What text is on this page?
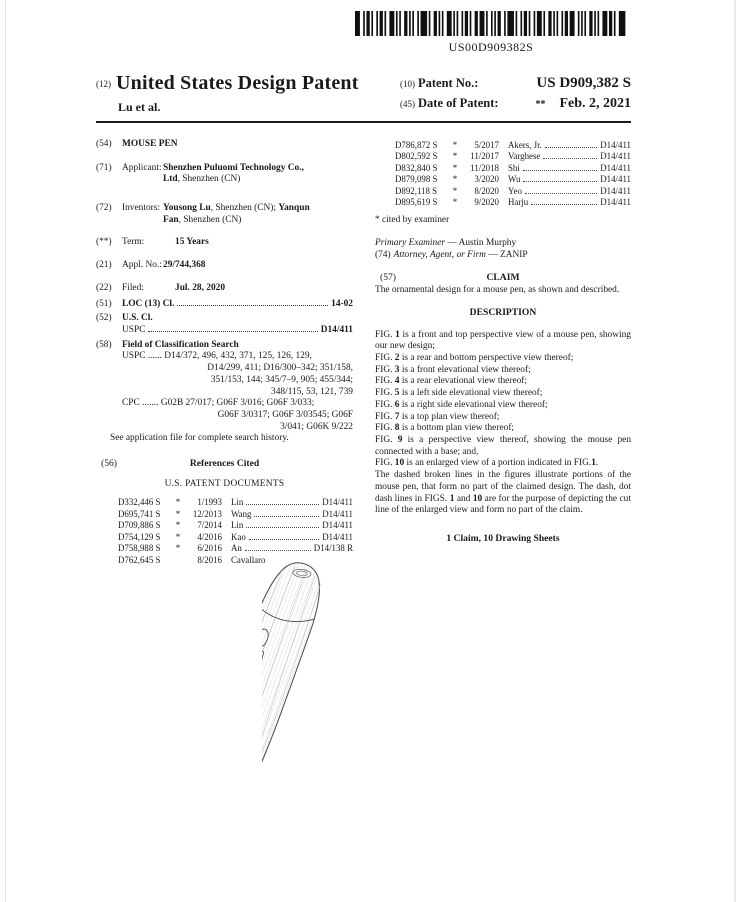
US00D909382S
(12) United States Design Patent
Lu et al.
(10) Patent No.:	US D909,382 S
(45) Date of Patent:	** Feb. 2, 2021
(54)	MOUSE PEN
(71)	Applicant: Shenzhen Puluomi Technology Co.,
Ltd, Shenzhen (CN)
(72)	Inventors: Yousong Lu, Shenzhen (CN); Yanqun
Fan, Shenzhen (CN)
(**)	Term:	15 Years
(21)	Appl. No.: 29/744,368
(22)	Filed:	Jul. 28, 2020
(51)	LOC (13) Cl.	14-02
(52)	U.S. Cl.
USPC	D14/411
(58)	Field of Classification Search
USPC ...... D14/372, 496, 432, 371, 125, 126, 129,
D14/299, 411; D16/300–342; 351/158,
351/153, 144; 345/7–9, 905; 455/344;
348/115, 53, 121, 739
CPC ....... G02B 27/017; G06F 3/016; G06F 3/033;
G06F 3/0317; G06F 3/03545; G06F
3/041; G06K 9/222
See application file for complete search history.
(56)	References Cited
U.S. PATENT DOCUMENTS
D332,446 S	*	1/1993	Lin	D14/411
D695,741 S	*	12/2013	Wang	D14/411
D709,886 S	*	7/2014	Lin	D14/411
D754,129 S	*	4/2016	Kao	D14/411
D758,988 S	*	6/2016	An	D14/138 R
D762,645 S	8/2016	Cavallaro
D786,872 S	*	5/2017	Akers, Jr.	D14/411
D802,592 S	*	11/2017	Varghese	D14/411
D832,840 S	*	11/2018	Shi	D14/411
D879,098 S	*	3/2020	Wu	D14/411
D892,118 S	*	8/2020	Yeo	D14/411
D895,619 S	*	9/2020	Harju	D14/411
* cited by examiner
Primary Examiner — Austin Murphy
(74) Attorney, Agent, or Firm — ZANIP
(57)	CLAIM

The ornamental design for a mouse pen, as shown and described.

DESCRIPTION

FIG. 1 is a front and top perspective view of a mouse pen, showing our new design;

FIG. 2 is a rear and bottom perspective view thereof;

FIG. 3 is a front elevational view thereof;

FIG. 4 is a rear elevational view thereof;

FIG. 5 is a left side elevational view thereof;

FIG. 6 is a right side elevational view thereof;

FIG. 7 is a top plan view thereof;

FIG. 8 is a bottom plan view thereof;

FIG. 9 is a perspective view thereof, showing the mouse pen connected with a base; and,

FIG. 10 is an enlarged view of a portion indicated in FIG.1.

The dashed broken lines in the figures illustrate portions of the mouse pen, that form no part of the claimed design. The dash, dot dash lines in FIGS. 1 and 10 are for the purpose of depicting the cut line of the enlarged view and form no part of the claim.

1 Claim, 10 Drawing Sheets
